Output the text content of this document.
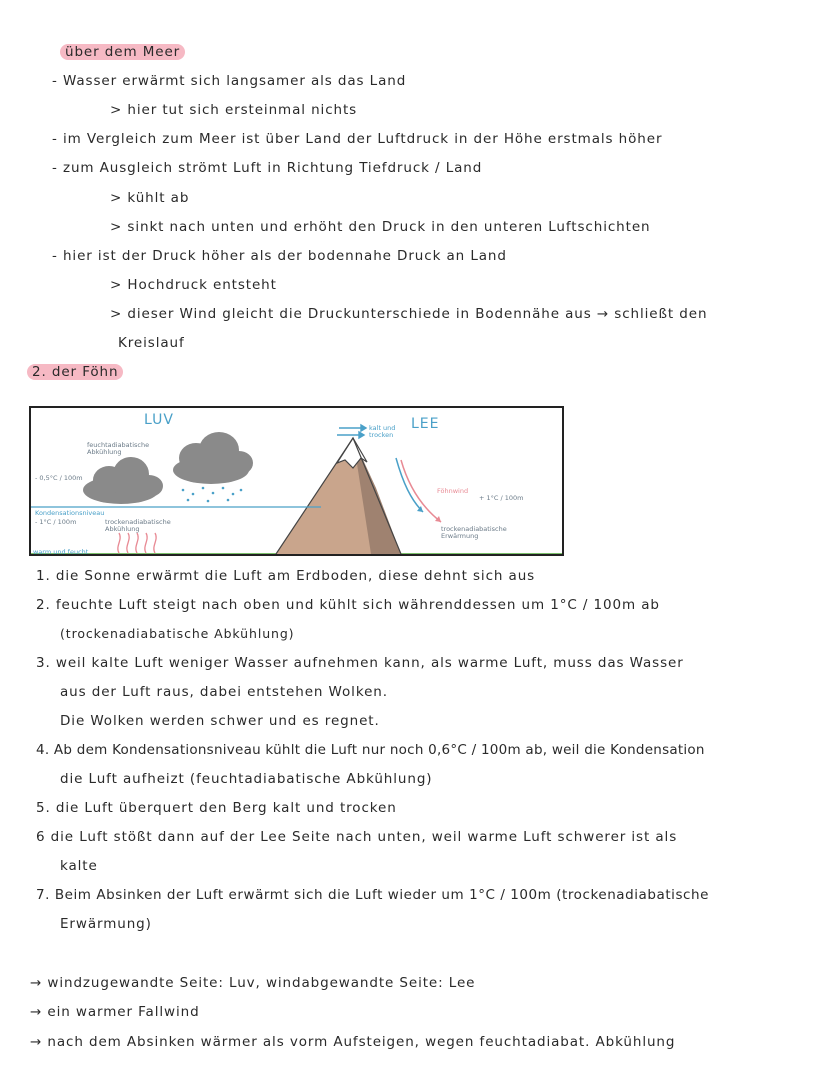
über dem Meer
- Wasser erwärmt sich langsamer als das Land
> hier tut sich ersteinmal nichts
- im Vergleich zum Meer ist über Land der Luftdruck in der Höhe erstmals höher
- zum Ausgleich strömt Luft in Richtung Tiefdruck / Land
> kühlt ab
> sinkt nach unten und erhöht den Druck in den unteren Luftschichten
- hier ist der Druck höher als der bodennahe Druck an Land
> Hochdruck entsteht
> dieser Wind gleicht die Druckunterschiede in Bodennähe aus → schließt den
Kreislauf
2. der Föhn
LUV	LEE
feuchtadiabatische Abkühlung
- 0,5°C / 100m
Kondensationsniveau
- 1°C / 100m	trockenadiabatische Abkühlung
warm und feucht
kalt und trocken
Föhnwind
+ 1°C / 100m
trockenadiabatische Erwärmung
1. die Sonne erwärmt die Luft am Erdboden, diese dehnt sich aus
2. feuchte Luft steigt nach oben und kühlt sich währenddessen um 1°C / 100m ab
(trockenadiabatische Abkühlung)
3. weil kalte Luft weniger Wasser aufnehmen kann, als warme Luft, muss das Wasser
aus der Luft raus, dabei entstehen Wolken.
Die Wolken werden schwer und es regnet.
4. Ab dem Kondensationsniveau kühlt die Luft nur noch 0,6°C / 100m ab, weil die Kondensation
die Luft aufheizt (feuchtadiabatische Abkühlung)
5. die Luft überquert den Berg kalt und trocken
6 die Luft stößt dann auf der Lee Seite nach unten, weil warme Luft schwerer ist als
kalte
7. Beim Absinken der Luft erwärmt sich die Luft wieder um 1°C / 100m (trockenadiabatische
Erwärmung)
→ windzugewandte Seite: Luv, windabgewandte Seite: Lee
→ ein warmer Fallwind
→ nach dem Absinken wärmer als vorm Aufsteigen, wegen feuchtadiabat. Abkühlung
